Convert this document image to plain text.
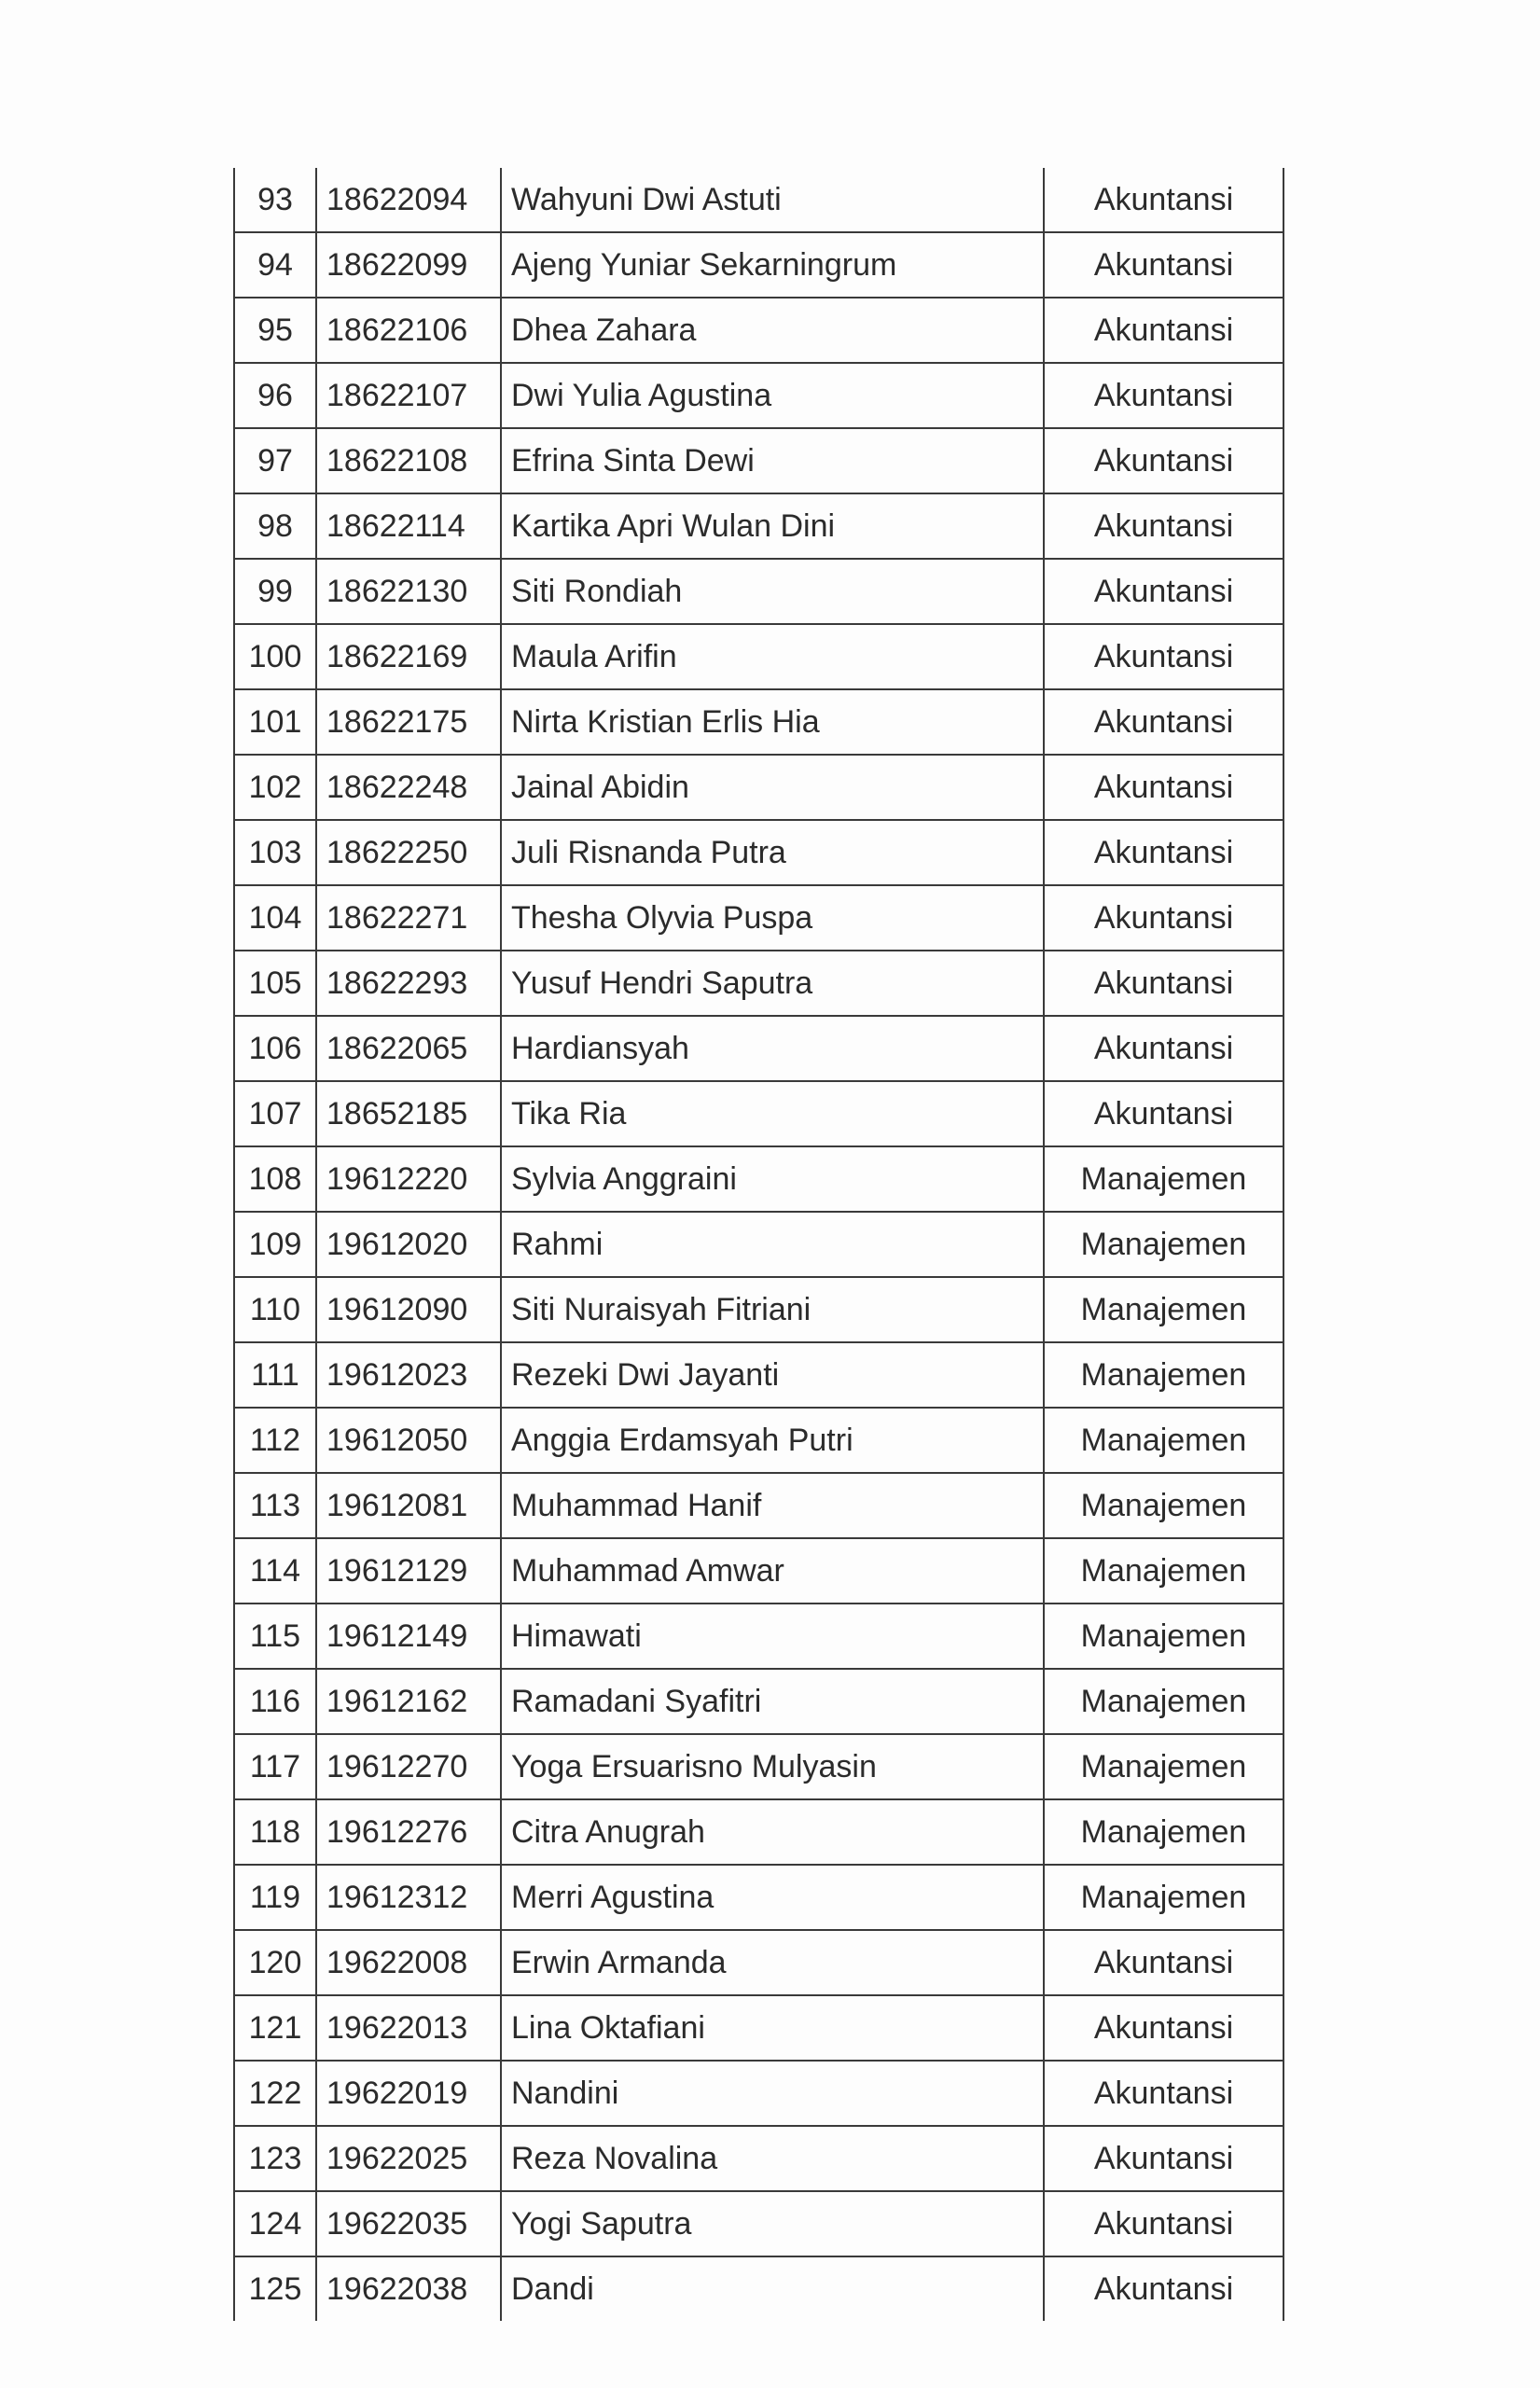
93	18622094	Wahyuni Dwi Astuti	Akuntansi
94	18622099	Ajeng Yuniar Sekarningrum	Akuntansi
95	18622106	Dhea Zahara	Akuntansi
96	18622107	Dwi Yulia Agustina	Akuntansi
97	18622108	Efrina Sinta Dewi	Akuntansi
98	18622114	Kartika Apri Wulan Dini	Akuntansi
99	18622130	Siti Rondiah	Akuntansi
100	18622169	Maula Arifin	Akuntansi
101	18622175	Nirta Kristian Erlis Hia	Akuntansi
102	18622248	Jainal Abidin	Akuntansi
103	18622250	Juli Risnanda Putra	Akuntansi
104	18622271	Thesha Olyvia Puspa	Akuntansi
105	18622293	Yusuf Hendri Saputra	Akuntansi
106	18622065	Hardiansyah	Akuntansi
107	18652185	Tika Ria	Akuntansi
108	19612220	Sylvia Anggraini	Manajemen
109	19612020	Rahmi	Manajemen
110	19612090	Siti Nuraisyah Fitriani	Manajemen
111	19612023	Rezeki Dwi Jayanti	Manajemen
112	19612050	Anggia Erdamsyah Putri	Manajemen
113	19612081	Muhammad Hanif	Manajemen
114	19612129	Muhammad Amwar	Manajemen
115	19612149	Himawati	Manajemen
116	19612162	Ramadani Syafitri	Manajemen
117	19612270	Yoga Ersuarisno Mulyasin	Manajemen
118	19612276	Citra Anugrah	Manajemen
119	19612312	Merri Agustina	Manajemen
120	19622008	Erwin Armanda	Akuntansi
121	19622013	Lina Oktafiani	Akuntansi
122	19622019	Nandini	Akuntansi
123	19622025	Reza Novalina	Akuntansi
124	19622035	Yogi Saputra	Akuntansi
125	19622038	Dandi	Akuntansi
